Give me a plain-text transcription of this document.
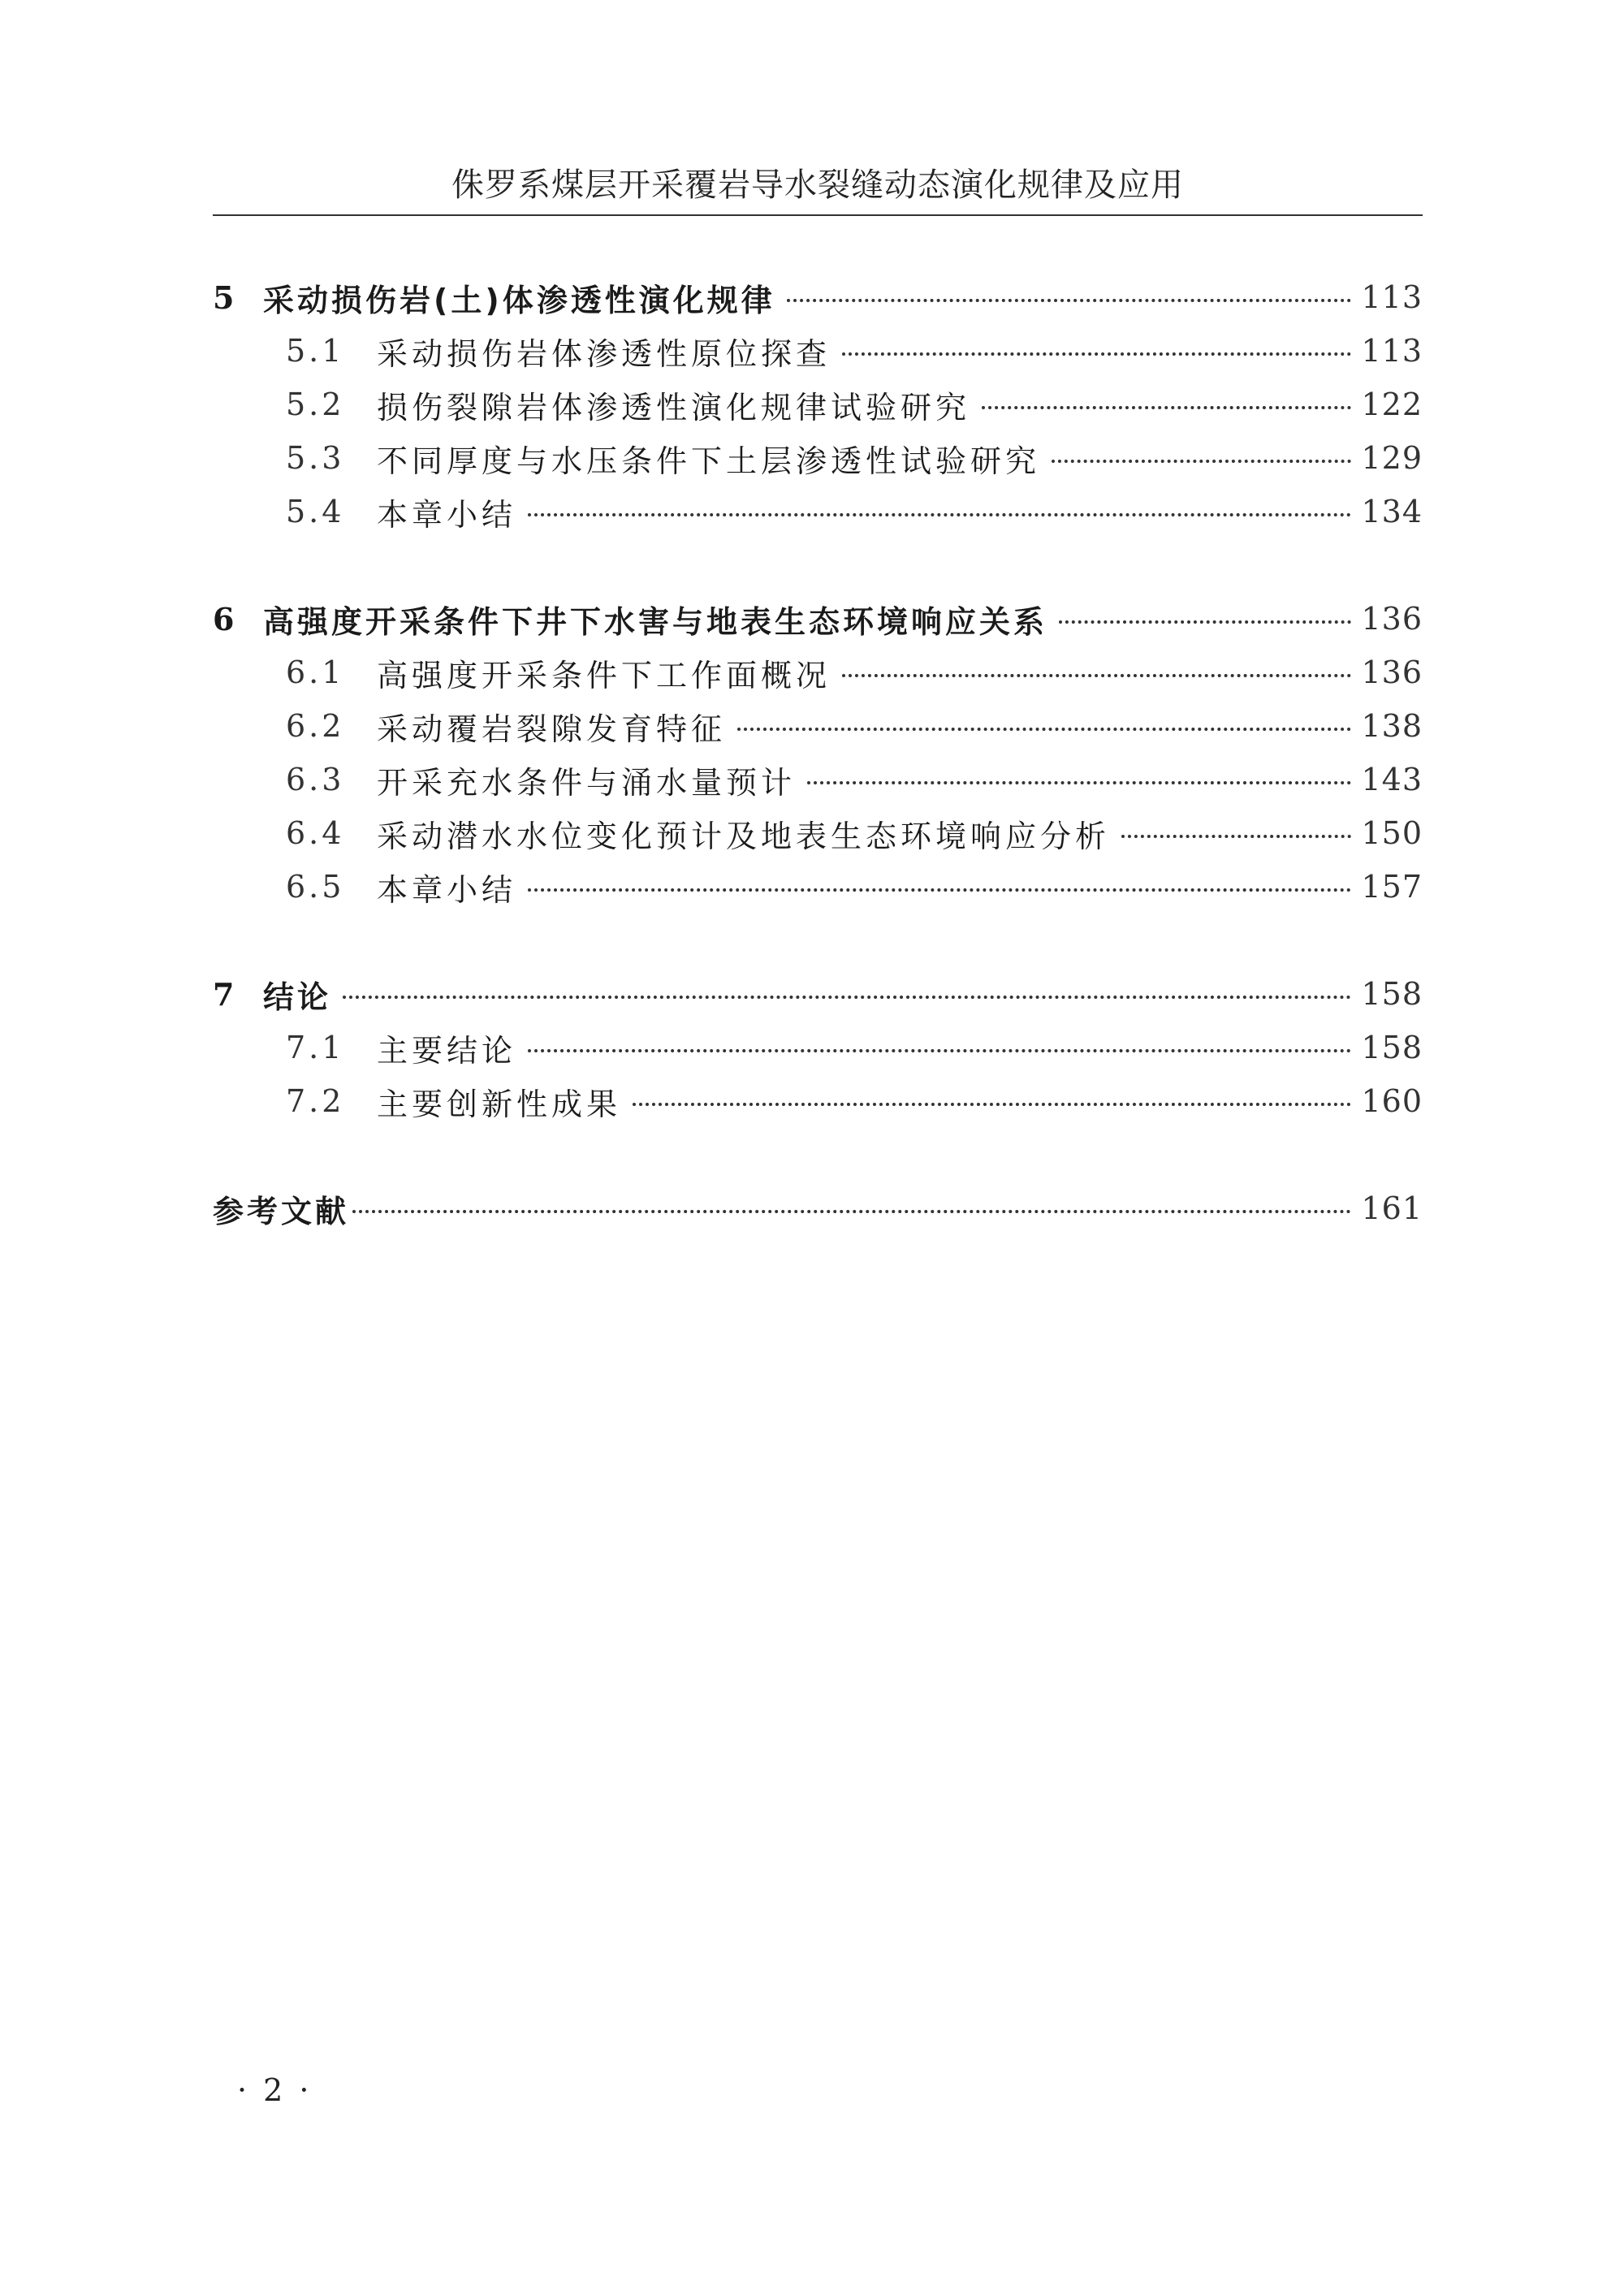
侏罗系煤层开采覆岩导水裂缝动态演化规律及应用
5 采动损伤岩(土)体渗透性演化规律	113
5.1	采动损伤岩体渗透性原位探查	113
5.2	损伤裂隙岩体渗透性演化规律试验研究	122
5.3	不同厚度与水压条件下土层渗透性试验研究	129
5.4	本章小结	134
6 高强度开采条件下井下水害与地表生态环境响应关系	136
6.1	高强度开采条件下工作面概况	136
6.2	采动覆岩裂隙发育特征	138
6.3	开采充水条件与涌水量预计	143
6.4	采动潜水水位变化预计及地表生态环境响应分析	150
6.5	本章小结	157
7 结论	158
7.1	主要结论	158
7.2	主要创新性成果	160
参考文献	161
· 2 ·
